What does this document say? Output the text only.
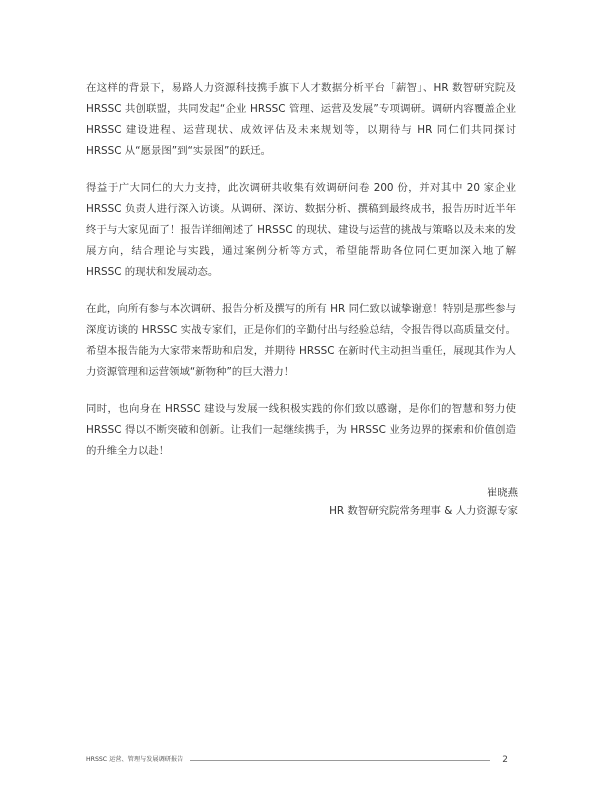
在这样的背景下，易路人力资源科技携手旗下人才数据分析平台「薪智」、HR 数智研究院及 HRSSC 共创联盟，共同发起“企业 HRSSC 管理、运营及发展”专项调研。调研内容覆盖企业 HRSSC 建设进程、运营现状、成效评估及未来规划等，以期待与 HR 同仁们共同探讨 HRSSC 从“愿景图”到“实景图”的跃迁。

得益于广大同仁的大力支持，此次调研共收集有效调研问卷 200 份，并对其中 20 家企业 HRSSC 负责人进行深入访谈。从调研、深访、数据分析、撰稿到最终成书，报告历时近半年终于与大家见面了！报告详细阐述了 HRSSC 的现状、建设与运营的挑战与策略以及未来的发展方向，结合理论与实践，通过案例分析等方式，希望能帮助各位同仁更加深入地了解 HRSSC 的现状和发展动态。

在此，向所有参与本次调研、报告分析及撰写的所有 HR 同仁致以诚挚谢意！特别是那些参与深度访谈的 HRSSC 实战专家们，正是你们的辛勤付出与经验总结，令报告得以高质量交付。希望本报告能为大家带来帮助和启发，并期待 HRSSC 在新时代主动担当重任，展现其作为人力资源管理和运营领域“新物种”的巨大潜力！

同时，也向身在 HRSSC 建设与发展一线积极实践的你们致以感谢，是你们的智慧和努力使 HRSSC 得以不断突破和创新。让我们一起继续携手，为 HRSSC 业务边界的探索和价值创造的升维全力以赴！

崔晓燕
HR 数智研究院常务理事 & 人力资源专家
HRSSC 运营、管理与发展调研报告	2
